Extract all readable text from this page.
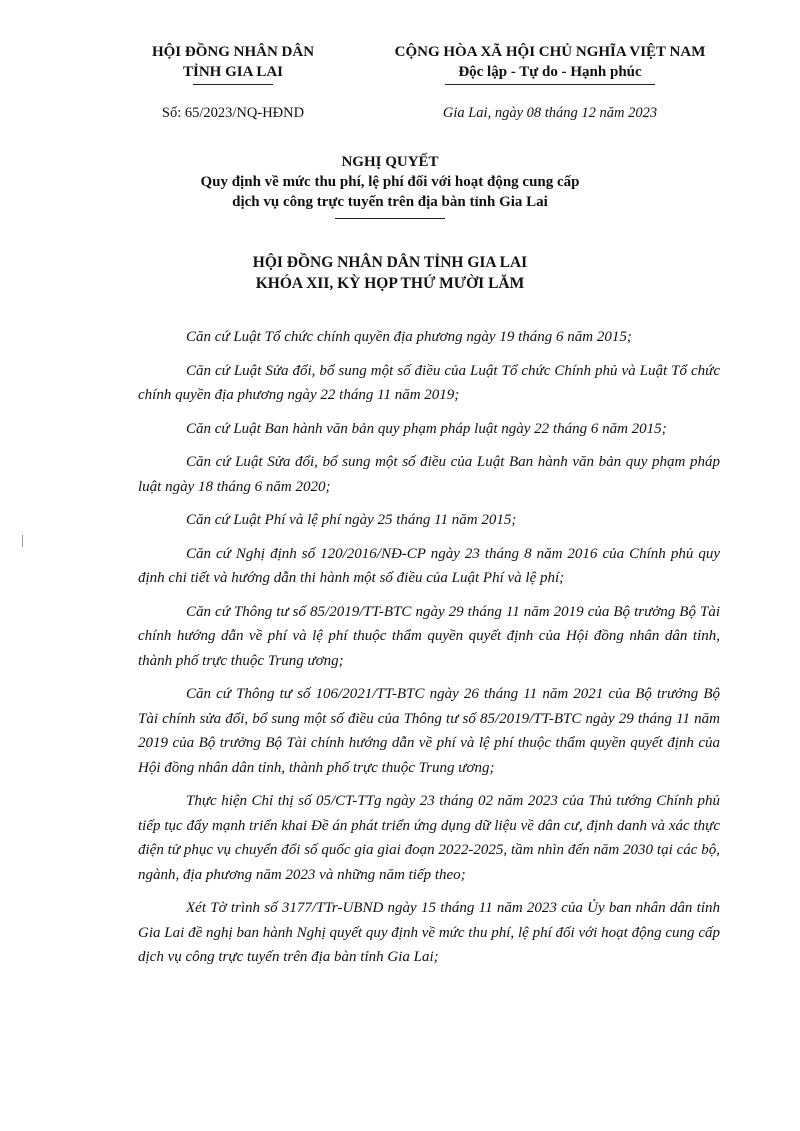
HỘI ĐỒNG NHÂN DÂN
TỈNH GIA LAI
Số: 65/2023/NQ-HĐND
CỘNG HÒA XÃ HỘI CHỦ NGHĨA VIỆT NAM
Độc lập - Tự do - Hạnh phúc
Gia Lai, ngày 08 tháng 12 năm 2023
NGHỊ QUYẾT
Quy định về mức thu phí, lệ phí đối với hoạt động cung cấp
dịch vụ công trực tuyến trên địa bàn tỉnh Gia Lai
HỘI ĐỒNG NHÂN DÂN TỈNH GIA LAI
KHÓA XII, KỲ HỌP THỨ MƯỜI LĂM

Căn cứ Luật Tổ chức chính quyền địa phương ngày 19 tháng 6 năm 2015;

Căn cứ Luật Sửa đổi, bổ sung một số điều của Luật Tổ chức Chính phủ và Luật Tổ chức chính quyền địa phương ngày 22 tháng 11 năm 2019;

Căn cứ Luật Ban hành văn bản quy phạm pháp luật ngày 22 tháng 6 năm 2015;

Căn cứ Luật Sửa đổi, bổ sung một số điều của Luật Ban hành văn bản quy phạm pháp luật ngày 18 tháng 6 năm 2020;

Căn cứ Luật Phí và lệ phí ngày 25 tháng 11 năm 2015;

Căn cứ Nghị định số 120/2016/NĐ-CP ngày 23 tháng 8 năm 2016 của Chính phủ quy định chi tiết và hướng dẫn thi hành một số điều của Luật Phí và lệ phí;

Căn cứ Thông tư số 85/2019/TT-BTC ngày 29 tháng 11 năm 2019 của Bộ trưởng Bộ Tài chính hướng dẫn về phí và lệ phí thuộc thẩm quyền quyết định của Hội đồng nhân dân tỉnh, thành phố trực thuộc Trung ương;

Căn cứ Thông tư số 106/2021/TT-BTC ngày 26 tháng 11 năm 2021 của Bộ trưởng Bộ Tài chính sửa đổi, bổ sung một số điều của Thông tư số 85/2019/TT-BTC ngày 29 tháng 11 năm 2019 của Bộ trưởng Bộ Tài chính hướng dẫn về phí và lệ phí thuộc thẩm quyền quyết định của Hội đồng nhân dân tỉnh, thành phố trực thuộc Trung ương;

Thực hiện Chỉ thị số 05/CT-TTg ngày 23 tháng 02 năm 2023 của Thủ tướng Chính phủ tiếp tục đẩy mạnh triển khai Đề án phát triển ứng dụng dữ liệu về dân cư, định danh và xác thực điện tử phục vụ chuyển đổi số quốc gia giai đoạn 2022-2025, tầm nhìn đến năm 2030 tại các bộ, ngành, địa phương năm 2023 và những năm tiếp theo;

Xét Tờ trình số 3177/TTr-UBND ngày 15 tháng 11 năm 2023 của Ủy ban nhân dân tỉnh Gia Lai đề nghị ban hành Nghị quyết quy định về mức thu phí, lệ phí đối với hoạt động cung cấp dịch vụ công trực tuyến trên địa bàn tỉnh Gia Lai;
